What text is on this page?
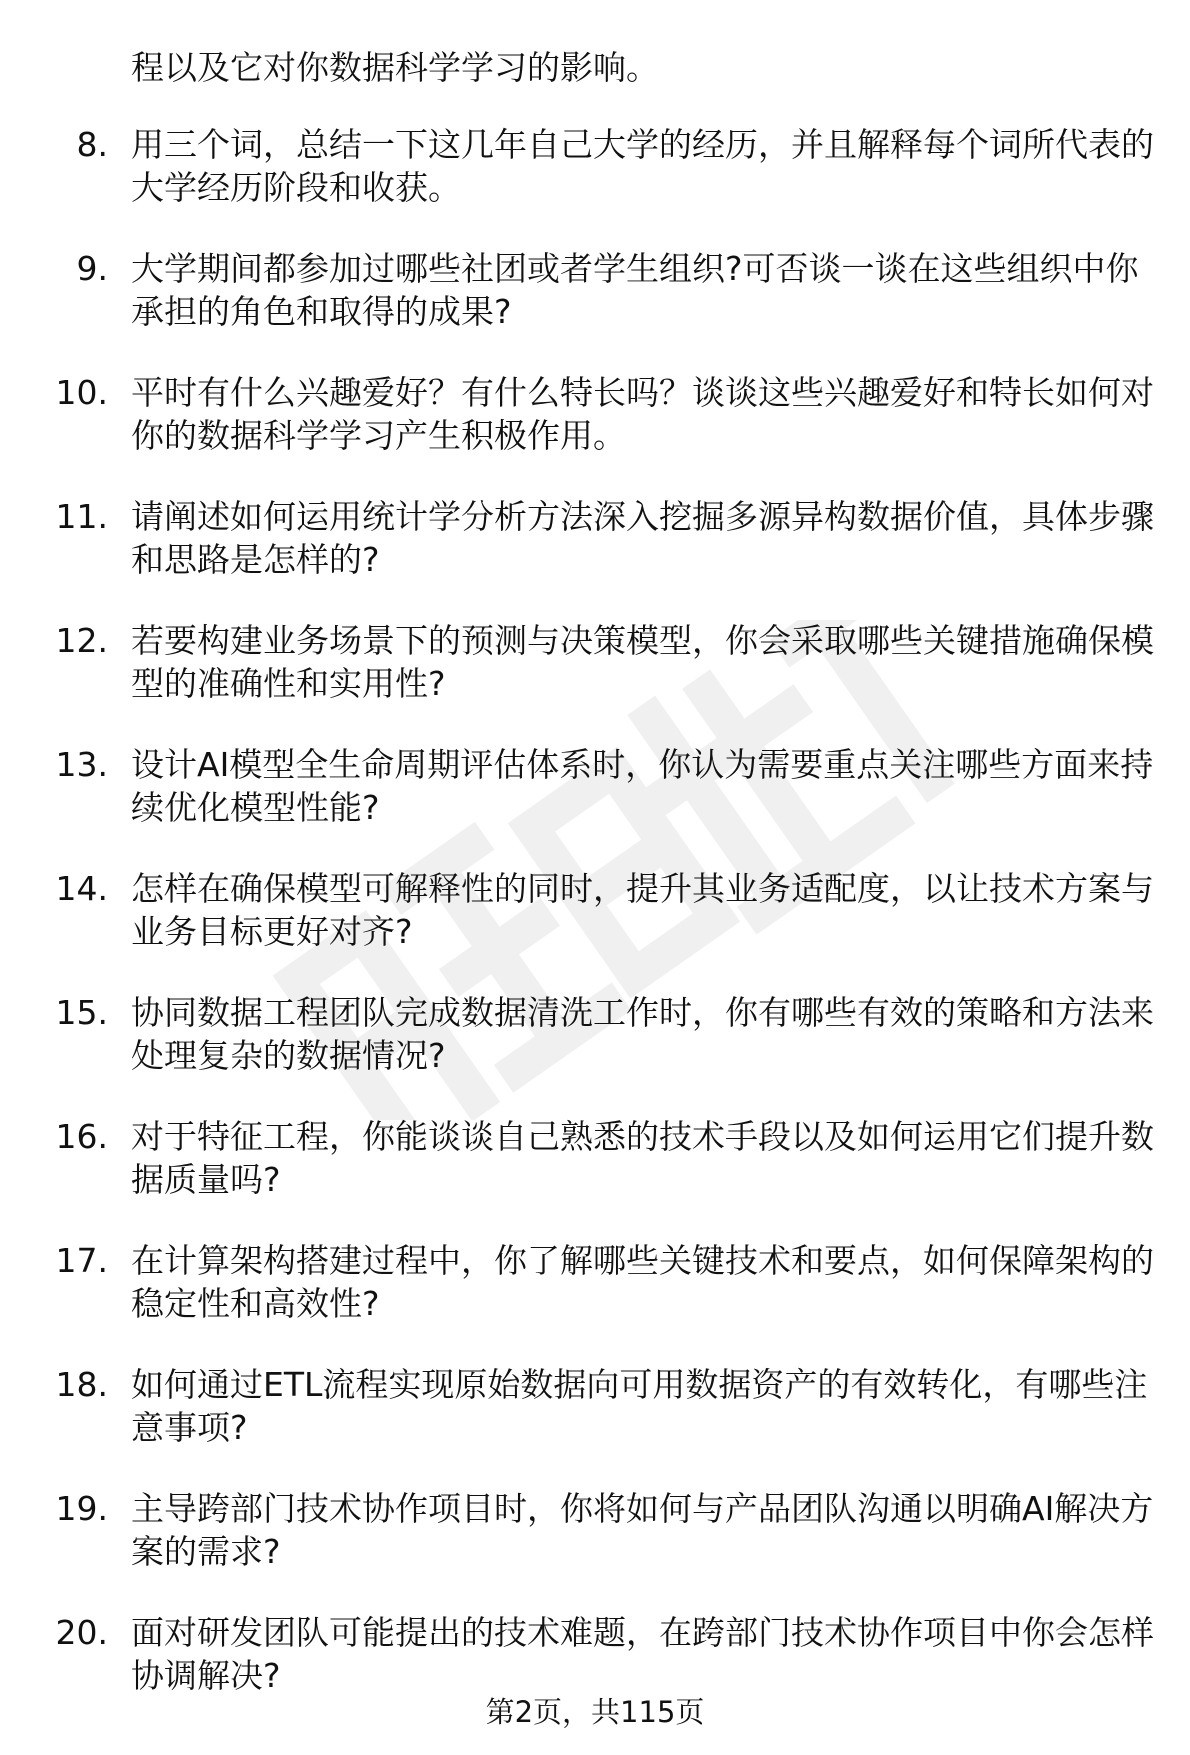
程以及它对你数据科学学习的影响。
8. 用三个词，总结一下这几年自己大学的经历，并且解释每个词所代表的大学经历阶段和收获。
9. 大学期间都参加过哪些社团或者学生组织?可否谈一谈在这些组织中你承担的角色和取得的成果?
10. 平时有什么兴趣爱好？有什么特长吗？谈谈这些兴趣爱好和特长如何对你的数据科学学习产生积极作用。
11. 请阐述如何运用统计学分析方法深入挖掘多源异构数据价值，具体步骤和思路是怎样的?
12. 若要构建业务场景下的预测与决策模型，你会采取哪些关键措施确保模型的准确性和实用性?
13. 设计AI模型全生命周期评估体系时，你认为需要重点关注哪些方面来持续优化模型性能?
14. 怎样在确保模型可解释性的同时，提升其业务适配度，以让技术方案与业务目标更好对齐?
15. 协同数据工程团队完成数据清洗工作时，你有哪些有效的策略和方法来处理复杂的数据情况?
16. 对于特征工程，你能谈谈自己熟悉的技术手段以及如何运用它们提升数据质量吗?
17. 在计算架构搭建过程中，你了解哪些关键技术和要点，如何保障架构的稳定性和高效性?
18. 如何通过ETL流程实现原始数据向可用数据资产的有效转化，有哪些注意事项?
19. 主导跨部门技术协作项目时，你将如何与产品团队沟通以明确AI解决方案的需求?
20. 面对研发团队可能提出的技术难题，在跨部门技术协作项目中你会怎样协调解决?
第2页，共115页
